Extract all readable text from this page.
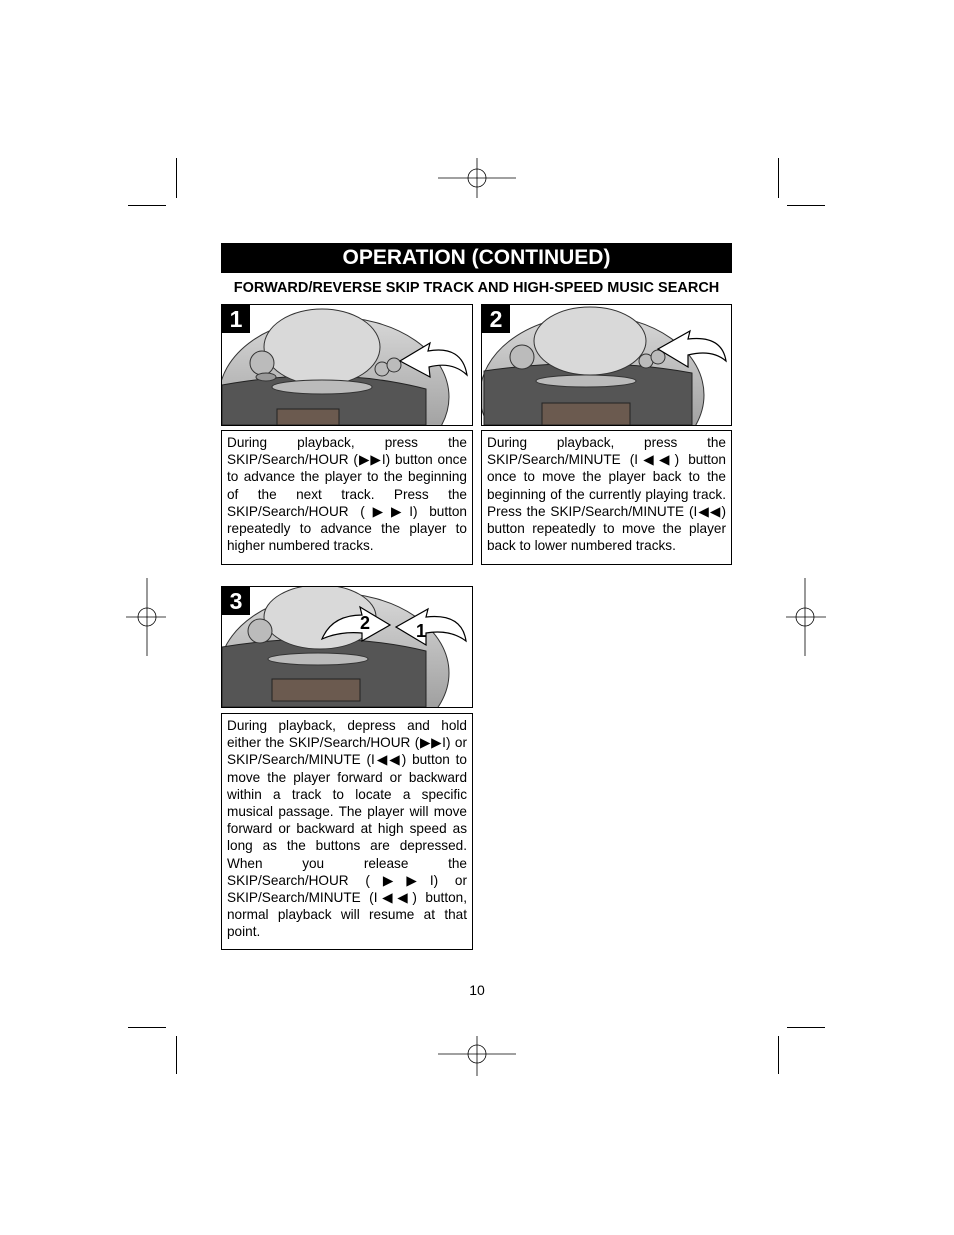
OPERATION (CONTINUED)
FORWARD/REVERSE SKIP TRACK AND HIGH-SPEED MUSIC SEARCH
1
During playback, press the SKIP/Search/HOUR (▶▶I) button once to advance the player to the beginning of the next track. Press the SKIP/Search/HOUR (▶▶I) button repeatedly to advance the player to higher numbered tracks.
2
During playback, press the SKIP/Search/MINUTE (I◀◀) button once to move the player back to the beginning of the currently playing track. Press the SKIP/Search/MINUTE (I◀◀) button repeatedly to move the player back to lower numbered tracks.
3
2	1
During playback, depress and hold either the SKIP/Search/HOUR (▶▶I) or SKIP/Search/MINUTE (I◀◀) button to move the player forward or backward within a track to locate a specific musical passage. The player will move forward or backward at high speed as long as the buttons are depressed. When you release the SKIP/Search/HOUR (▶▶I) or SKIP/Search/MINUTE (I◀◀) button, normal playback will resume at that point.
10
